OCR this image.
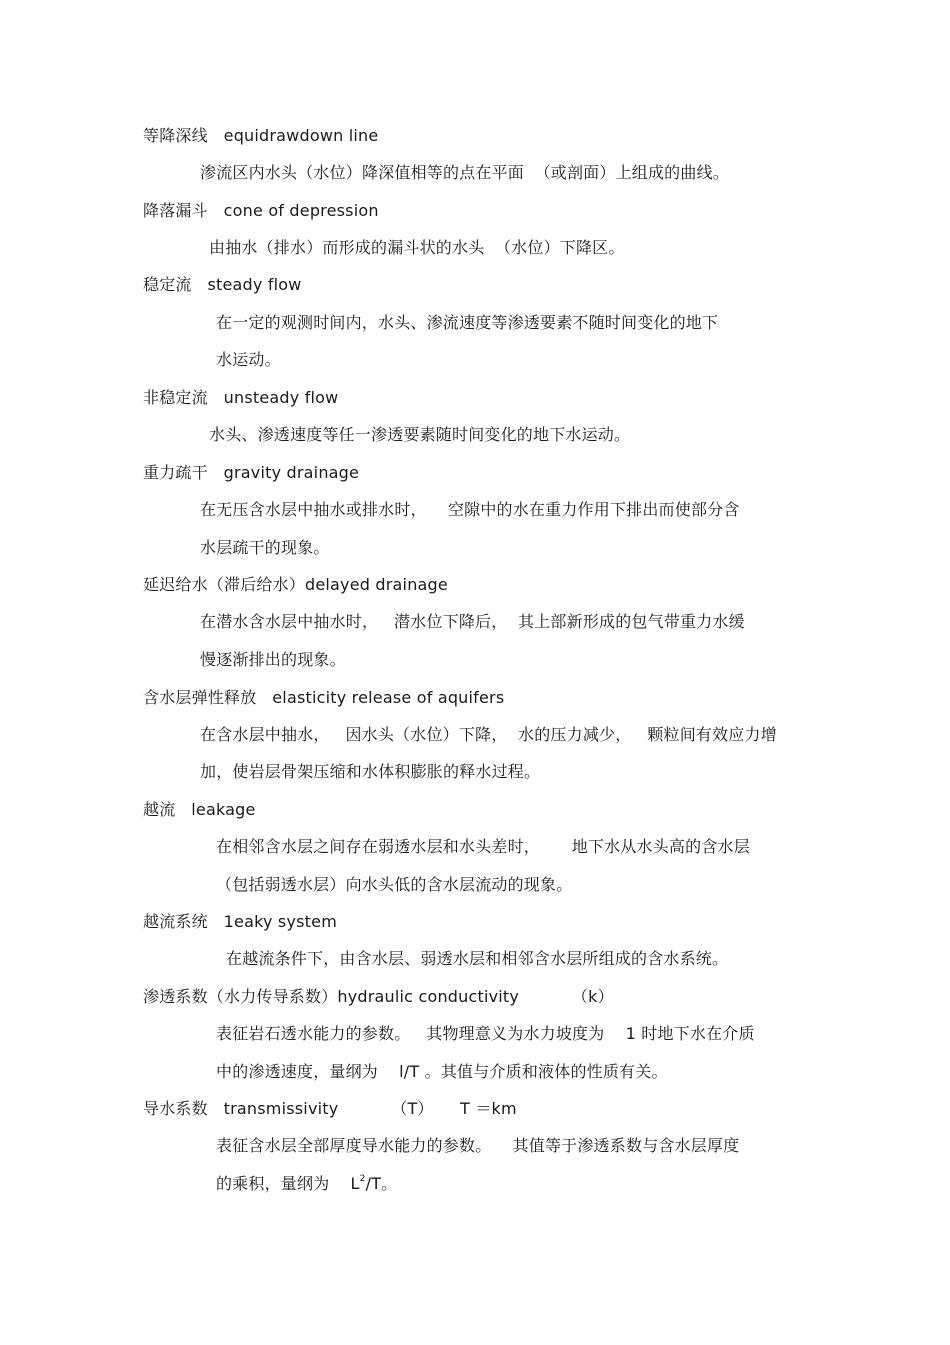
等降深线   equidrawdown line
渗流区内水头（水位）降深值相等的点在平面  （或剖面）上组成的曲线。
降落漏斗   cone of depression
由抽水（排水）而形成的漏斗状的水头  （水位）下降区。
稳定流   steady flow
在一定的观测时间内，水头、渗流速度等渗透要素不随时间变化的地下
水运动。
非稳定流   unsteady flow
水头、渗透速度等任一渗透要素随时间变化的地下水运动。
重力疏干   gravity drainage
在无压含水层中抽水或排水时，    空隙中的水在重力作用下排出而使部分含
水层疏干的现象。
延迟给水（滞后给水）delayed drainage
在潜水含水层中抽水时，   潜水位下降后，  其上部新形成的包气带重力水缓
慢逐渐排出的现象。
含水层弹性释放   elasticity release of aquifers
在含水层中抽水，   因水头（水位）下降，  水的压力减少，   颗粒间有效应力增
加，使岩层骨架压缩和水体积膨胀的释水过程。
越流   leakage
在相邻含水层之间存在弱透水层和水头差时，      地下水从水头高的含水层
（包括弱透水层）向水头低的含水层流动的现象。
越流系统   1eaky system
在越流条件下，由含水层、弱透水层和相邻含水层所组成的含水系统。
渗透系数（水力传导系数）hydraulic conductivity          （k）
表征岩石透水能力的参数。   其物理意义为水力坡度为    1 时地下水在介质
中的渗透速度，量纲为    l/T 。其值与介质和液体的性质有关。
导水系数   transmissivity          （T）     T ＝km
表征含水层全部厚度导水能力的参数。    其值等于渗透系数与含水层厚度
的乘积，量纲为    $L^2/T$。
